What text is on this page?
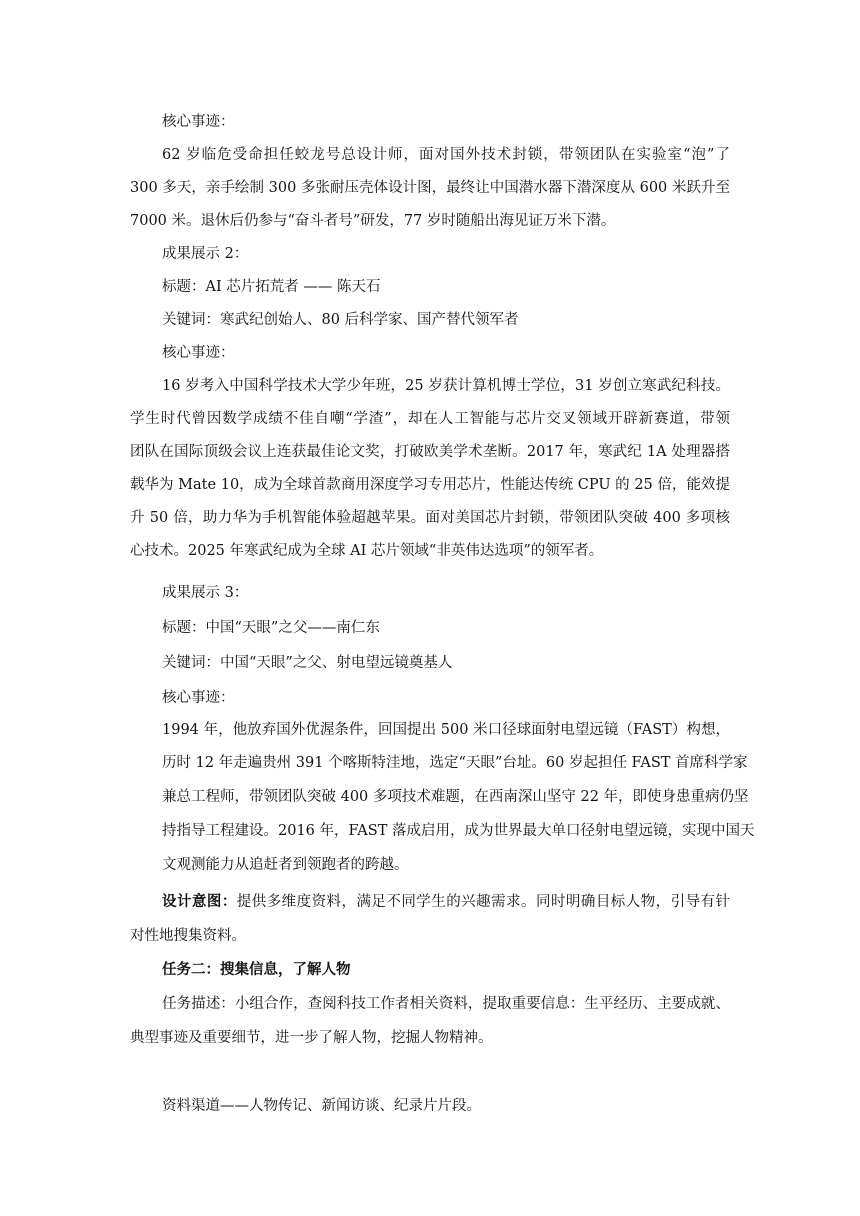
核心事迹：
62 岁临危受命担任蛟龙号总设计师，面对国外技术封锁，带领团队在实验室“泡”了
300 多天，亲手绘制 300 多张耐压壳体设计图，最终让中国潜水器下潜深度从 600 米跃升至
7000 米。退休后仍参与“奋斗者号”研发，77 岁时随船出海见证万米下潜。
成果展示 2：
标题：AI 芯片拓荒者 —— 陈天石
关键词：寒武纪创始人、80 后科学家、国产替代领军者
核心事迹：
16 岁考入中国科学技术大学少年班，25 岁获计算机博士学位，31 岁创立寒武纪科技。
学生时代曾因数学成绩不佳自嘲“学渣”，却在人工智能与芯片交叉领域开辟新赛道，带领
团队在国际顶级会议上连获最佳论文奖，打破欧美学术垄断。2017 年，寒武纪 1A 处理器搭
载华为 Mate 10，成为全球首款商用深度学习专用芯片，性能达传统 CPU 的 25 倍，能效提
升 50 倍，助力华为手机智能体验超越苹果。面对美国芯片封锁，带领团队突破 400 多项核
心技术。2025 年寒武纪成为全球 AI 芯片领域“非英伟达选项”的领军者。
成果展示 3：
标题：中国“天眼”之父——南仁东
关键词：中国“天眼”之父、射电望远镜奠基人
核心事迹：
1994 年，他放弃国外优渥条件，回国提出 500 米口径球面射电望远镜（FAST）构想，
历时 12 年走遍贵州 391 个喀斯特洼地，选定“天眼”台址。60 岁起担任 FAST 首席科学家
兼总工程师，带领团队突破 400 多项技术难题，在西南深山坚守 22 年，即使身患重病仍坚
持指导工程建设。2016 年，FAST 落成启用，成为世界最大单口径射电望远镜，实现中国天
文观测能力从追赶者到领跑者的跨越。
设计意图：提供多维度资料，满足不同学生的兴趣需求。同时明确目标人物，引导有针
对性地搜集资料。
任务二：搜集信息，了解人物
任务描述：小组合作，查阅科技工作者相关资料，提取重要信息：生平经历、主要成就、
典型事迹及重要细节，进一步了解人物，挖掘人物精神。
资料渠道——人物传记、新闻访谈、纪录片片段。
